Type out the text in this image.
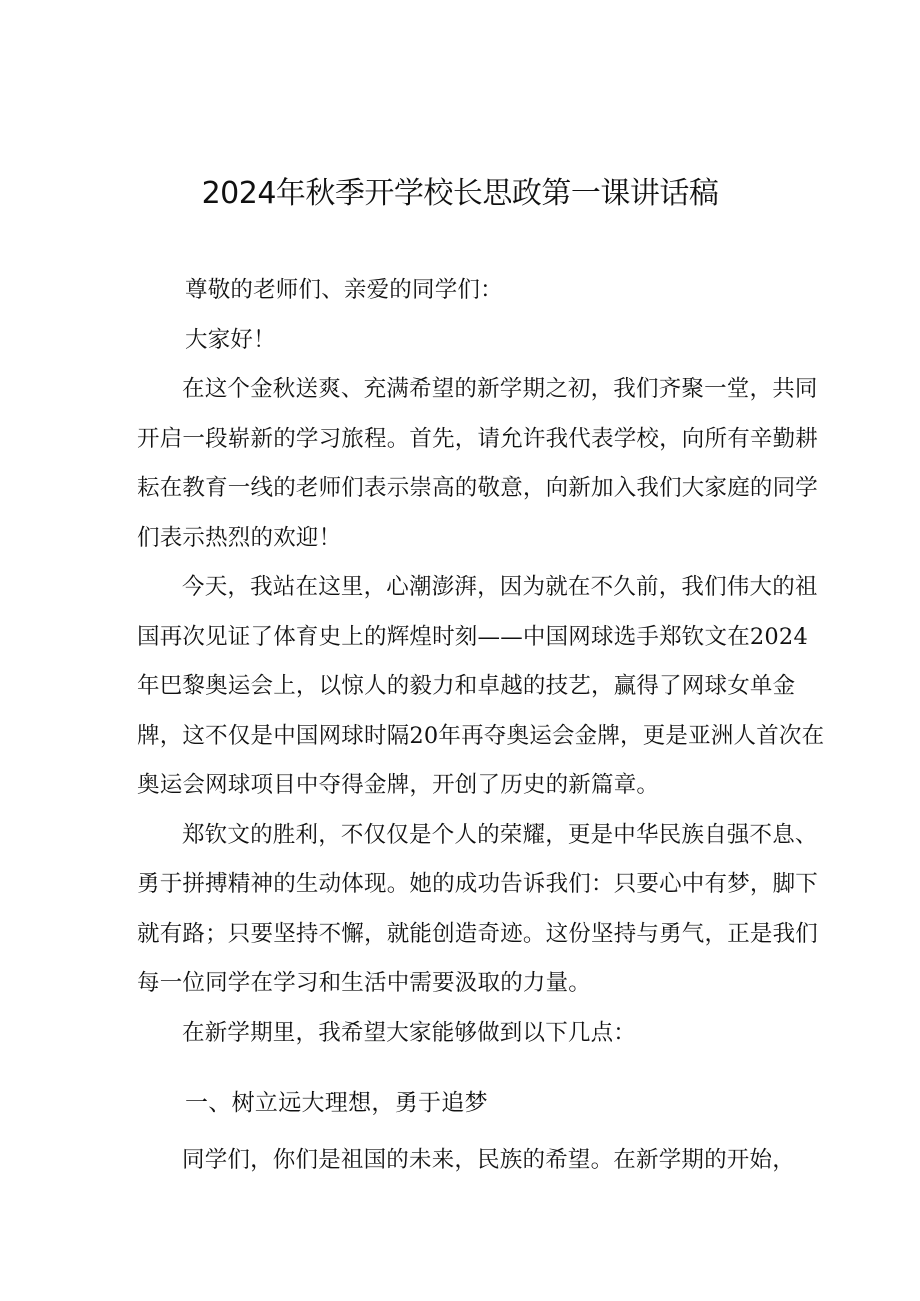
2024年秋季开学校长思政第一课讲话稿
尊敬的老师们、亲爱的同学们：
大家好！

在这个金秋送爽、充满希望的新学期之初，我们齐聚一堂，共同开启一段崭新的学习旅程。首先，请允许我代表学校，向所有辛勤耕耘在教育一线的老师们表示崇高的敬意，向新加入我们大家庭的同学们表示热烈的欢迎！

今天，我站在这里，心潮澎湃，因为就在不久前，我们伟大的祖国再次见证了体育史上的辉煌时刻——中国网球选手郑钦文在2024年巴黎奥运会上，以惊人的毅力和卓越的技艺，赢得了网球女单金牌，这不仅是中国网球时隔20年再夺奥运会金牌，更是亚洲人首次在奥运会网球项目中夺得金牌，开创了历史的新篇章。

郑钦文的胜利，不仅仅是个人的荣耀，更是中华民族自强不息、勇于拼搏精神的生动体现。她的成功告诉我们：只要心中有梦，脚下就有路；只要坚持不懈，就能创造奇迹。这份坚持与勇气，正是我们每一位同学在学习和生活中需要汲取的力量。

在新学期里，我希望大家能够做到以下几点：

一、树立远大理想，勇于追梦
同学们，你们是祖国的未来，民族的希望。在新学期的开始，
